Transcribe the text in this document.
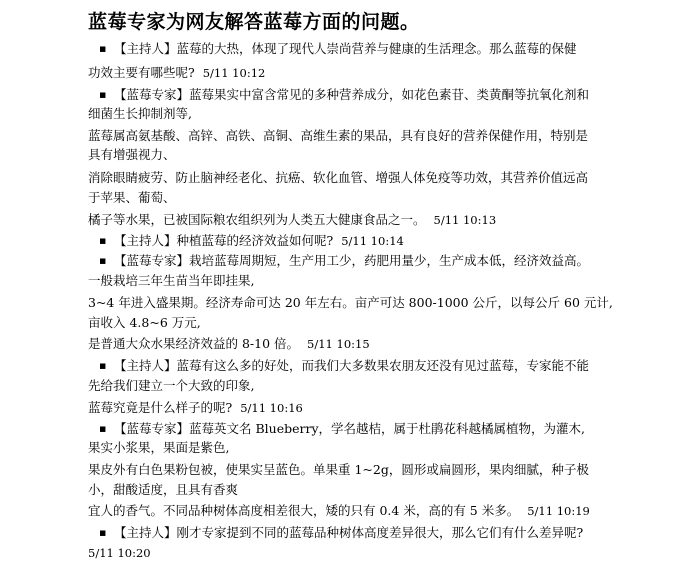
蓝莓专家为网友解答蓝莓方面的问题。
▪ 【主持人】蓝莓的大热，体现了现代人崇尚营养与健康的生活理念。那么蓝莓的保健
功效主要有哪些呢? 5/11 10:12
▪ 【蓝莓专家】蓝莓果实中富含常见的多种营养成分，如花色素苷、类黄酮等抗氧化剂和
细菌生长抑制剂等,
蓝莓属高氨基酸、高锌、高铁、高铜、高维生素的果品，具有良好的营养保健作用，特别是
具有增强视力、
消除眼睛疲劳、防止脑神经老化、抗癌、软化血管、增强人体免疫等功效，其营养价值远高
于苹果、葡萄、
橘子等水果，已被国际粮农组织列为人类五大健康食品之一。 5/11 10:13
▪ 【主持人】种植蓝莓的经济效益如何呢? 5/11 10:14
▪ 【蓝莓专家】栽培蓝莓周期短，生产用工少，药肥用量少，生产成本低，经济效益高。
一般栽培三年生苗当年即挂果,
3~4 年进入盛果期。经济寿命可达 20 年左右。亩产可达 800-1000 公斤，以每公斤 60 元计,
亩收入 4.8~6 万元,
是普通大众水果经济效益的 8-10 倍。 5/11 10:15
▪ 【主持人】蓝莓有这么多的好处，而我们大多数果农朋友还没有见过蓝莓，专家能不能
先给我们建立一个大致的印象,
蓝莓究竟是什么样子的呢? 5/11 10:16
▪ 【蓝莓专家】蓝莓英文名 Blueberry，学名越桔，属于杜鹃花科越橘属植物，为灌木,
果实小浆果，果面是紫色,
果皮外有白色果粉包被，使果实呈蓝色。单果重 1~2g，圆形或扁圆形，果肉细腻，种子极
小，甜酸适度，且具有香爽
宜人的香气。不同品种树体高度相差很大，矮的只有 0.4 米，高的有 5 米多。 5/11 10:19
▪ 【主持人】刚才专家提到不同的蓝莓品种树体高度差异很大，那么它们有什么差异呢?
5/11 10:20
